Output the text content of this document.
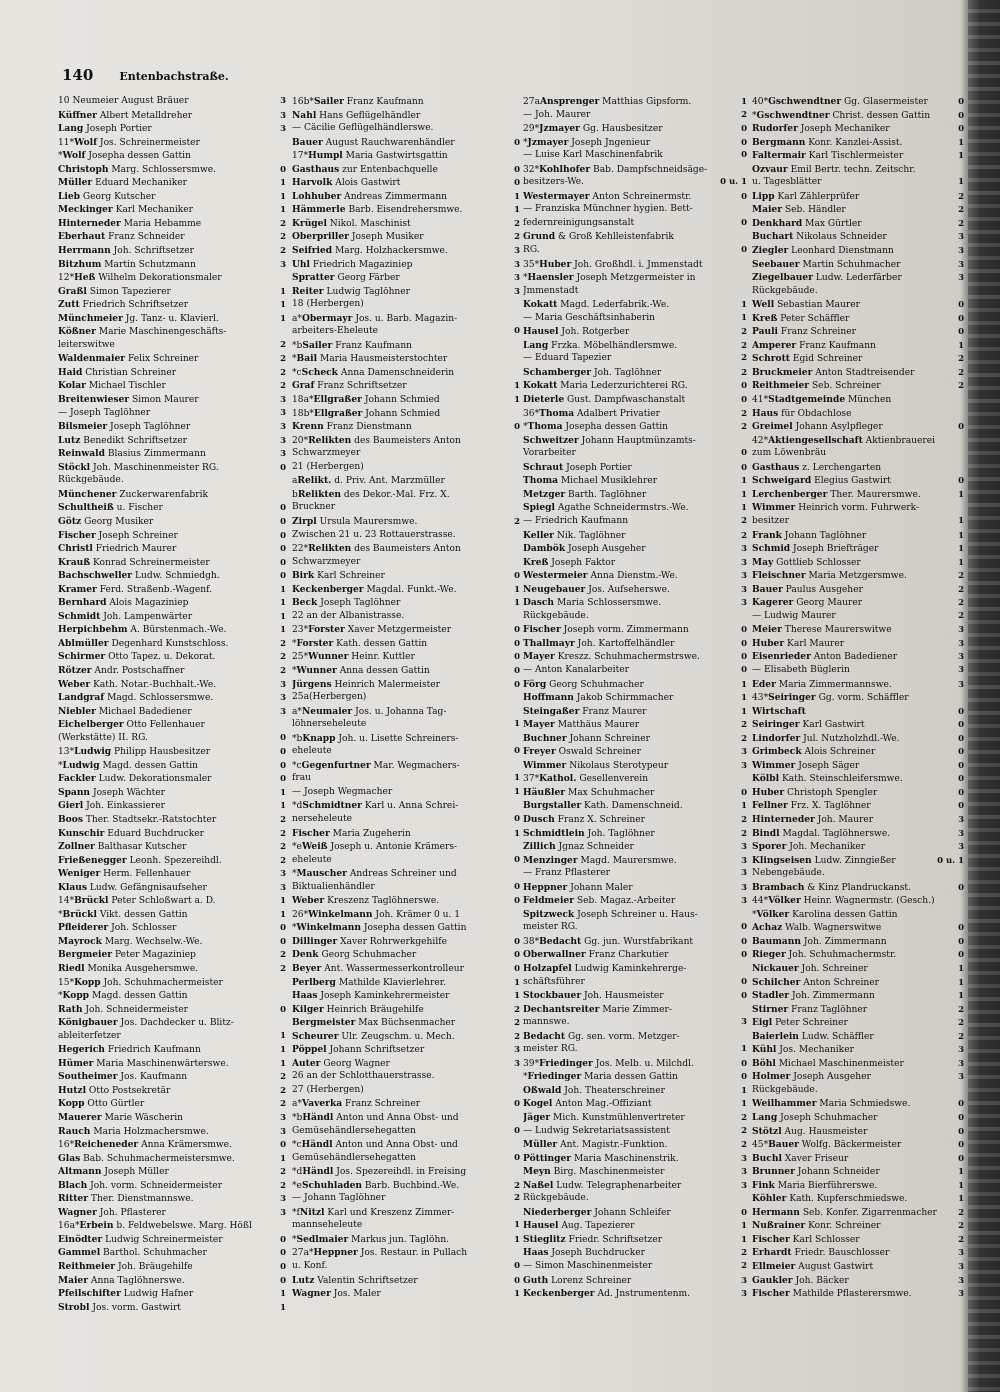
140 Entenbachstraße.
10 Neumeier August Bräuer	3
Küffner Albert Metalldreher	3
Lang Joseph Portier	3
11*Wolf Jos. Schreinermeister
*Wolf Josepha dessen Gattin
Christoph Marg. Schlossersmwe.	0
Müller Eduard Mechaniker	1
Lieb Georg Kutscher	1
Meckinger Karl Mechaniker	1
Hinterneder Maria Hebamme	2
Eberhaut Franz Schneider	2
Herrmann Joh. Schriftsetzer	2
Bitzhum Martin Schutzmann	3
12*Heß Wilhelm Dekorationsmaler
Graßl Simon Tapezierer	1
Zutt Friedrich Schriftsetzer	1
Münchmeier Jg. Tanz- u. Klavierl.	1
Kößner Marie Maschinengeschäfts-
leiterswitwe	2
Waldenmaier Felix Schreiner	2
Haid Christian Schreiner	2
Kolar Michael Tischler	2
Breitenwieser Simon Maurer	3
— Joseph Taglöhner	3
Bilsmeier Joseph Taglöhner	3
Lutz Benedikt Schriftsetzer	3
Reinwald Blasius Zimmermann	3
Stöckl Joh. Maschinenmeister RG.	0
Rückgebäude.
Münchener Zuckerwarenfabrik
Schultheiß u. Fischer	0
Götz Georg Musiker	0
Fischer Joseph Schreiner	0
Christl Friedrich Maurer	0
Krauß Konrad Schreinermeister	0
Bachschweller Ludw. Schmiedgh.	0
Kramer Ferd. Straßenb.-Wagenf.	1
Bernhard Alois Magaziniер	1
Schmidt Joh. Lampenwärter	1
Herpichbehm A. Bürstenmach.-We.	1
Ablmüller Degenhard Kunstschloss.	2
Schirmer Otto Tapez. u. Dekorat.	2
Rötzer Andr. Postschaffner	2
Weber Kath. Notar.-Buchhalt.-We.	3
Landgraf Magd. Schlossersmwe.	3
Niebler Michael Badediener	3
Eichelberger Otto Fellenhauer
(Werkstätte) II. RG.	0
13*Ludwig Philipp Hausbesitzer	0
*Ludwig Magd. dessen Gattin	0
Fackler Ludw. Dekorationsmaler	0
Spann Joseph Wächter	1
Gierl Joh. Einkassierer	1
Boos Ther. Stadtsekr.-Ratstochter	2
Kunschir Eduard Buchdrucker	2
Zollner Balthasar Kutscher	2
Frießenegger Leonh. Spezereihdl.	2
Weniger Herm. Fellenhauer	3
Klaus Ludw. Gefängnisaufseher	3
14*Brückl Peter Schloßwart a. D.	1
*Brückl Vikt. dessen Gattin	1
Pfleiderer Joh. Schlosser	0
Mayrock Marg. Wechselw.-We.	0
Bergmeier Peter Magaziniер	2
Riedl Monika Ausgehersmwe.	2
15*Kopp Joh. Schuhmachermeister
*Kopp Magd. dessen Gattin
Rath Joh. Schneidermeister	0
Königbauer Jos. Dachdecker u. Blitz-
ableiterfetzer	1
Hegerich Friedrich Kaufmann	1
Hümer Maria Maschinenwärterswe.	1
Southeimer Jos. Kaufmann	2
Hutzl Otto Postsekretär	2
Kopp Otto Gürtler	2
Mauerer Marie Wäscherin	3
Rauch Maria Holzmachersmwe.	3
16*Reicheneder Anna Krämersmwe.	0
Glas Bab. Schuhmachermeistersmwe.	1
Altmann Joseph Müller	2
Blach Joh. vorm. Schneidermeister	2
Ritter Ther. Dienstmannswe.	3
Wagner Joh. Pflasterer	3
16a*Erbein b. Feldwebelswe. Marg. Hößl
Einödter Ludwig Schreinermeister	0
Gammel Barthol. Schuhmacher	0
Reithmeier Joh. Bräugehilfe	0
Maier Anna Taglöhnerswe.	0
Pfeilschifter Ludwig Hafner	1
Strobl Jos. vorm. Gastwirt	1
16b*Sailer Franz Kaufmann
Nahl Hans Geflügelhändler
— Cäcilie Geflügelhändlerswe.
Bauer August Rauchwarenhändler	0
17*Humpl Maria Gastwirtsgattin
Gasthaus zur Entenbachquelle	0
Harvolk Alois Gastwirt	0
Lohhuber Andreas Zimmermann	1
Hämmerle Barb. Eisendrehersmwe.	1
Krügel Nikol. Maschinist	2
Oberpriller Joseph Musiker	2
Seifried Marg. Holzhackersmwe.	3
Uhl Friedrich Magaziniер	3
Spratter Georg Färber	3
Reiter Ludwig Taglöhner	3
18 (Herbergen)
a*Obermayr Jos. u. Barb. Magazin-
arbeiters-Eheleute	0
*bSailer Franz Kaufmann
*Bail Maria Hausmeisterstochter
*cScheck Anna Damenschneiderin
Graf Franz Schriftsetzer	1
18a*Ellgraßer Johann Schmied	1
18b*Ellgraßer Johann Schmied
Krenn Franz Dienstmann	0
20*Relikten des Baumeisters Anton
Schwarzmeyer
21 (Herbergen)
aRelikt. d. Priv. Ant. Marzmüller
bRelikten des Dekor.-Mal. Frz. X.
Bruckner
Zirpl Ursula Maurersmwe.	2
Zwischen 21 u. 23 Rottauerstrasse.
22*Relikten des Baumeisters Anton
Schwarzmeyer
Birk Karl Schreiner	0
Keckenberger Magdal. Funkt.-We.	1
Beck Joseph Taglöhner	1
22 an der Albanistrasse.
23*Forster Xaver Metzgermeister	0
*Forster Kath. dessen Gattin	0
25*Wunner Heinr. Kuttler	0
*Wunner Anna dessen Gattin	0
Jürgens Heinrich Malermeister	0
25a(Herbergen)
a*Neumaier Jos. u. Johanna Tag-
löhnerseheleute	1
*bKnapp Joh. u. Lisette Schreiners-
eheleute	0
*cGegenfurtner Mar. Wegmachers-
frau	1
— Joseph Wegmacher	1
*dSchmidtner Karl u. Anna Schrei-
nerseheleute	0
Fischer Maria Zugeherin	1
*eWeiß Joseph u. Antonie Krämers-
eheleute	0
*Mauscher Andreas Schreiner und
Biktualienhändler	0
Weber Kreszenz Taglöhnerswe.	0
26*Winkelmann Joh. Krämer 0 u. 1
*Winkelmann Josepha dessen Gattin
Dillinger Xaver Rohrwerkgehilfe	0
Denk Georg Schuhmacher	0
Beyer Ant. Wassermesserkontrolleur	0
Perlberg Mathilde Klavierlehrer.	1
Haas Joseph Kaminkehrermeister	1
Kilger Heinrich Bräugehilfe	2
Bergmeister Max Büchsenmacher	2
Scheurer Ulr. Zeugschm. u. Mech.	2
Pöppel Johann Schriftsetzer	3
Auter Georg Wagner	3
26 an der Schlotthauerstrasse.
27 (Herbergen)
a*Vaverka Franz Schreiner	0
*bHändl Anton und Anna Obst- und
Gemüsehändlersehegatten	0
*cHändl Anton und Anna Obst- und
Gemüsehändlersehegatten	0
*dHändl Jos. Spezereihdl. in Freising
*eSchuhladen Barb. Buchbind.-We.	2
— Johann Taglöhner	2
*fNitzl Karl und Kreszenz Zimmer-
mannseheleute	1
*Sedlmaier Markus jun. Taglöhn.	1
27a*Heppner Jos. Restaur. in Pullach
u. Konf.	0
Lutz Valentin Schriftsetzer	0
Wagner Jos. Maler	1
27aAnsprenger Matthias Gipsform.	1
— Joh. Maurer	2
29*Jzmayer Gg. Hausbesitzer	0
*Jzmayer Joseph Jngenieur	0
— Luise Karl Maschinenfabrik	0
32*Kohlhofer Bab. Dampfschneidsäge-
besitzers-We.	0 u. 1
Westermayer Anton Schreinermstr.	0
— Franziska Münchner hygien. Bett-
federnreinigungsanstalt	0
Grund & Groß Kehlleistenfabrik
RG.	0
35*Huber Joh. Großhdl. i. Jmmenstadt
*Haensler Joseph Metzgermeister in
Jmmenstadt
Kokatt Magd. Lederfabrik.-We.	1
— Maria Geschäftsinhaberin	1
Hausel Joh. Rotgerber	2
Lang Frzka. Möbelhändlersmwe.	2
— Eduard Tapezier	2
Schamberger Joh. Taglöhner	2
Kokatt Maria Lederzurichterei RG.	0
Dieterle Gust. Dampfwaschanstalt	0
36*Thoma Adalbert Privatier	2
*Thoma Josepha dessen Gattin	2
Schweitzer Johann Hauptmünzamts-
Vorarbeiter	0
Schraut Joseph Portier	0
Thoma Michael Musiklehrer	1
Metzger Barth. Taglöhner	1
Spiegl Agathe Schneidermstrs.-We.	1
— Friedrich Kaufmann	2
Keller Nik. Taglöhner	2
Dambök Joseph Ausgeher	3
Kreß Joseph Faktor	3
Westermeier Anna Dienstm.-We.	3
Neugebauer Jos. Aufseherswe.	3
Dasch Maria Schlossersmwe.	3
Rückgebäude.
Fischer Joseph vorm. Zimmermann	0
Thallmayr Joh. Kartoffelhändler	0
Mayer Kreszz. Schuhmachermstrswe.	0
— Anton Kanalarbeiter	0
Förg Georg Schuhmacher	1
Hoffmann Jakob Schirmmacher	1
Steingaßer Franz Maurer	1
Mayer Matthäus Maurer	2
Buchner Johann Schreiner	2
Freyer Oswald Schreiner	3
Wimmer Nikolaus Sterotypeur	3
37*Kathol. Gesellenverein
Häußler Max Schuhmacher	0
Burgstaller Kath. Damenschneid.	1
Dusch Franz X. Schreiner	2
Schmidtlein Joh. Taglöhner	2
Zillich Jgnaz Schneider	3
Menzinger Magd. Maurersmwe.	3
— Franz Pflasterer	3
Heppner Johann Maler	3
Feldmeier Seb. Magaz.-Arbeiter	3
Spitzweck Joseph Schreiner u. Haus-
meister RG.	0
38*Bedacht Gg. jun. Wurstfabrikant	0
Oberwallner Franz Charkutier	0
Holzapfel Ludwig Kaminkehrerge-
schäftsführer	0
Stockbauer Joh. Hausmeister	0
Dechantsreiter Marie Zimmer-
mannswe.	3
Bedacht Gg. sen. vorm. Metzger-
meister RG.	1
39*Friedinger Jos. Melb. u. Milchdl.	0
*Friedinger Maria dessen Gattin	0
Oßwald Joh. Theaterschreiner	1
Kogel Anton Mag.-Offiziant	1
Jäger Mich. Kunstmühlenvertreter	2
— Ludwig Sekretariatsassistent	2
Müller Ant. Magistr.-Funktion.	2
Pöttinger Maria Maschinenstrik.	3
Meyn Birg. Maschinenmeister	3
Naßel Ludw. Telegraphenarbeiter	3
Rückgebäude.
Niederberger Johann Schleifer	0
Hausel Aug. Tapezierer	1
Stieglitz Friedr. Schriftsetzer	1
Haas Joseph Buchdrucker	2
— Simon Maschinenmeister	2
Guth Lorenz Schreiner	3
Keckenberger Ad. Jnstrumentenm.	3
40*Gschwendtner Gg. Glasermeister	0
*Gschwendtner Christ. dessen Gattin	0
Rudorfer Joseph Mechaniker	0
Bergmann Konr. Kanzlei-Assist.	1
Faltermair Karl Tischlermeister	1
Ozvaur Emil Bertr. techn. Zeitschr.
u. Tagesblätter	1
Lipp Karl Zählerprüfer	2
Maier Seb. Händler	2
Denkhard Max Gürtler	2
Buchart Nikolaus Schneider	3
Ziegler Leonhard Dienstmann	3
Seebauer Martin Schuhmacher	3
Ziegelbauer Ludw. Lederfärber	3
Rückgebäude.
Well Sebastian Maurer	0
Kreß Peter Schäffler	0
Pauli Franz Schreiner	0
Amperer Franz Kaufmann	1
Schrott Egid Schreiner	2
Bruckmeier Anton Stadtreisender	2
Reithmeier Seb. Schreiner	2
41*Stadtgemeinde München
Haus für Obdachlose
Greimel Johann Asylpfleger	0
42*Aktiengesellschaft Aktienbrauerei
zum Löwenbräu
Gasthaus z. Lerchengarten
Schweigard Elegius Gastwirt	0
Lerchenberger Ther. Maurersmwe.	1
Wimmer Heinrich vorm. Fuhrwerk-
besitzer	1
Frank Johann Taglöhner	1
Schmid Joseph Briefträger	1
May Gottlieb Schlosser	1
Fleischner Maria Metzgersmwe.	2
Bauer Paulus Ausgeher	2
Kagerer Georg Maurer	2
— Ludwig Maurer	2
Meier Therese Maurerswitwe	3
Huber Karl Maurer	3
Eisenrieder Anton Badediener	3
— Elisabeth Büglerin	3
Eder Maria Zimmermannswe.	3
43*Seiringer Gg. vorm. Schäffler
Wirtschaft	0
Seiringer Karl Gastwirt	0
Lindorfer Jul. Nutzholzhdl.-We.	0
Grimbeck Alois Schreiner	0
Wimmer Joseph Säger	0
Kölbl Kath. Steinschleifersmwe.	0
Huber Christoph Spengler	0
Fellner Frz. X. Taglöhner	0
Hinterneder Joh. Maurer	3
Bindl Magdal. Taglöhnerswe.	3
Sporer Joh. Mechaniker	3
Klingseisen Ludw. Zinngießer	0 u. 1
Nebengebäude.
Brambach & Kinz Plandruckanst.	0
44*Völker Heinr. Wagnermstr. (Gesch.)
*Völker Karolina dessen Gattin
Achaz Walb. Wagnerswitwe	0
Baumann Joh. Zimmermann	0
Rieger Joh. Schuhmachermstr.	0
Nickauer Joh. Schreiner	1
Schilcher Anton Schreiner	1
Stadler Joh. Zimmermann	1
Stirner Franz Taglöhner	2
Eigl Peter Schreiner	2
Baierlein Ludw. Schäffler	2
Kühl Jos. Mechaniker	3
Böhl Michael Maschinenmeister	3
Holmer Joseph Ausgeher	3
Rückgebäude.
Weilhammer Maria Schmiedswe.	0
Lang Joseph Schuhmacher	0
Stötzl Aug. Hausmeister	0
45*Bauer Wolfg. Bäckermeister	0
Buchl Xaver Friseur	0
Brunner Johann Schneider	1
Fink Maria Bierführerswe.	1
Köhler Kath. Kupferschmiedswe.	1
Hermann Seb. Konfer. Zigarrenmacher	2
Nußrainer Konr. Schreiner	2
Fischer Karl Schlosser	2
Erhardt Friedr. Bauschlosser	3
Ellmeier August Gastwirt	3
Gaukler Joh. Bäcker	3
Fischer Mathilde Pflasterersmwe.	3
